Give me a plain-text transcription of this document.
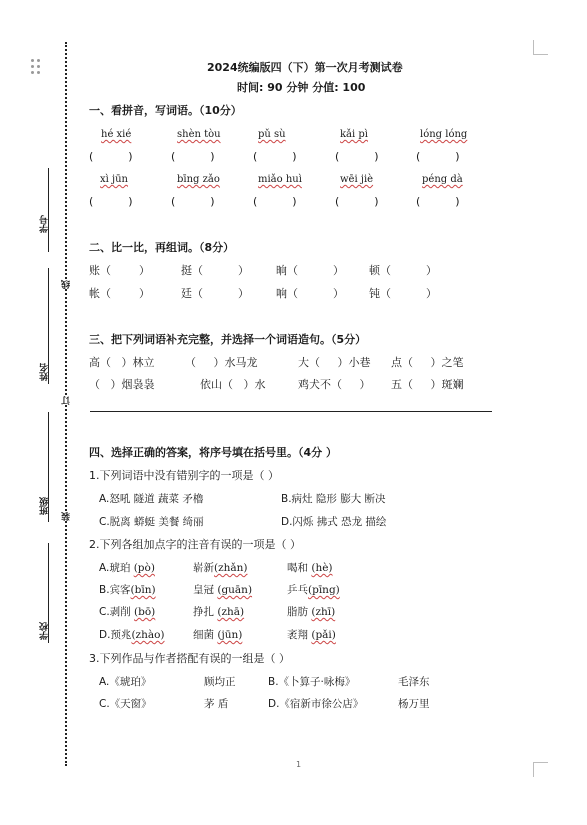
学号
姓名
班级
学校
线
订
装
2024统编版四（下）第一次月考测试卷
时间: 90 分钟 分值: 100
一、看拼音，写词语。（10分）
hé xié	shèn tòu	pǔ sù	kǎi pì	lóng lóng
(          )	(          )	(          )	(          )	(          )
xì jūn	bīng zǎo	miǎo huì	wēi jiè	péng dà
(          )	(          )	(          )	(          )	(          )
二、比一比，再组词。（8分）
账（        ）	挺（          ） 晌（          ） 顿（          ）
帐（        ）	廷（          ） 响（          ） 钝（          ）
三、把下列词语补充完整，并选择一个词语造句。（5分）
高（   ）林立	（     ）水马龙	大（     ）小巷 点（     ）之笔
（   ）烟袅袅	依山（   ）水	鸡犬不（     ） 五（     ）斑斓
四、选择正确的答案，将序号填在括号里。（4分 ）
1.下列词语中没有错别字的一项是（ ）
A.怒吼 隧道 蔬菜 矛櫓	B.病灶 隐形 膨大 断决
C.脱离 蟒蜓 美餐 绮丽	D.闪烁 拂式 恐龙 描绘
2.下列各组加点字的注音有误的一项是（ ）
A.琥珀 (pò)	崭新(zhǎn)	喝和 (hè)
B.宾客(bīn)	皇冠 (guān)	乒乓(pīng)
C.剥削 (bō)	挣扎 (zhā)	脂肪 (zhī)
D.预兆(zhào)	细菌 (jūn)	袤翔 (pǎi)
3.下列作品与作者搭配有误的一组是（ ）
A.《琥珀》	顾均正	B.《卜算子·咏梅》	毛泽东
C.《天窗》	茅 盾	D.《宿新市徐公店》	杨万里
1
